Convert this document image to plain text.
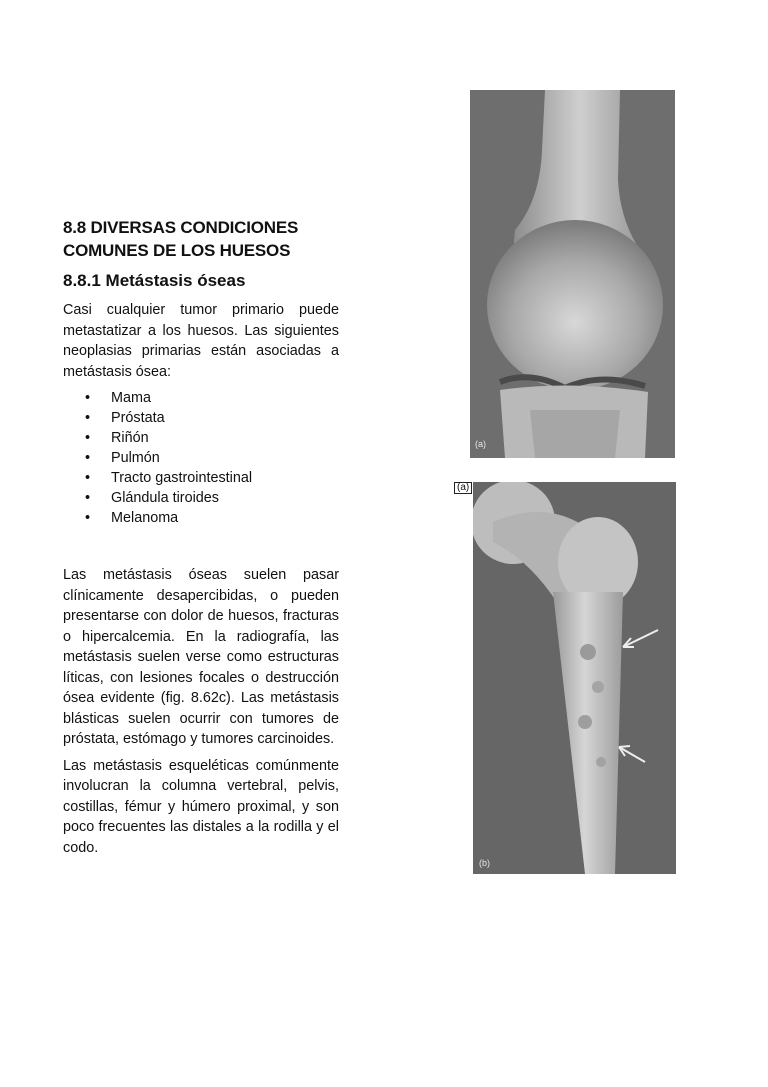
8.8 DIVERSAS CONDICIONES
COMUNES DE LOS HUESOS
8.8.1 Metástasis óseas

Casi cualquier tumor primario puede metastatizar a los huesos. Las siguientes neoplasias primarias están asociadas a metástasis ósea:

• Mama
• Próstata
• Riñón
• Pulmón
• Tracto gastrointestinal
• Glándula tiroides
• Melanoma

Las metástasis óseas suelen pasar clínicamente desapercibidas, o pueden presentarse con dolor de huesos, fracturas o hipercalcemia. En la radiografía, las metástasis suelen verse como estructuras líticas, con lesiones focales o destrucción ósea evidente (fig. 8.62c). Las metástasis blásticas suelen ocurrir con tumores de próstata, estómago y tumores carcinoides.

Las metástasis esqueléticas comúnmente involucran la columna vertebral, pelvis, costillas, fémur y húmero proximal, y son poco frecuentes las distales a la rodilla y el codo.

(a)
(a)
(b)
